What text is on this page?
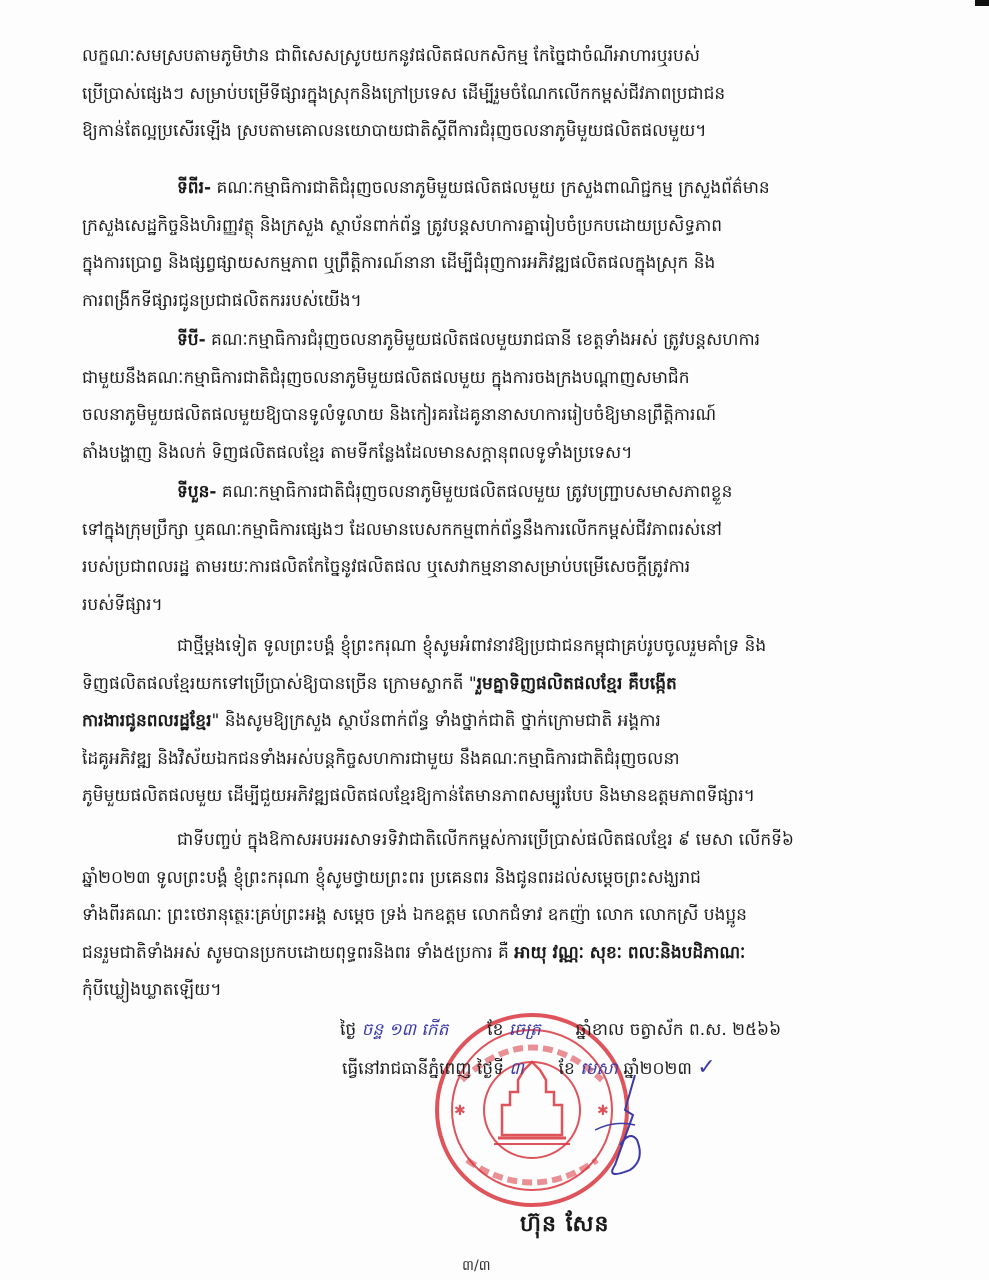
លក្ខណៈសមស្របតាមភូមិឋាន ជាពិសេសស្រូបយកនូវផលិតផលកសិកម្ម កែច្នៃជាចំណីអាហារឬរបស់
ប្រើប្រាស់ផ្សេងៗ សម្រាប់បម្រើទីផ្សារក្នុងស្រុកនិងក្រៅប្រទេស ដើម្បីរួមចំណែកលើកកម្ពស់ជីវភាពប្រជាជន
ឱ្យកាន់តែល្អប្រសើរឡើង ស្របតាមគោលនយោបាយជាតិស្តីពីការជំរុញចលនាភូមិមួយផលិតផលមួយ។

ទីពីរ- គណៈកម្មាធិការជាតិជំរុញចលនាភូមិមួយផលិតផលមួយ ក្រសួងពាណិជ្ជកម្ម ក្រសួងព័ត៌មាន
ក្រសួងសេដ្ឋកិច្ចនិងហិរញ្ញវត្ថុ និងក្រសួង ស្ថាប័នពាក់ព័ន្ធ ត្រូវបន្តសហការគ្នារៀបចំប្រកបដោយប្រសិទ្ធភាព
ក្នុងការប្រោព្វ និងផ្សព្វផ្សាយសកម្មភាព ឬព្រឹត្តិការណ៍នានា ដើម្បីជំរុញការអភិវឌ្ឍផលិតផលក្នុងស្រុក និង
ការពង្រីកទីផ្សារជូនប្រជាផលិតកររបស់យើង។

ទីបី- គណៈកម្មាធិការជំរុញចលនាភូមិមួយផលិតផលមួយរាជធានី ខេត្តទាំងអស់ ត្រូវបន្តសហការ
ជាមួយនឹងគណៈកម្មាធិការជាតិជំរុញចលនាភូមិមួយផលិតផលមួយ ក្នុងការចងក្រងបណ្តាញសមាជិក
ចលនាភូមិមួយផលិតផលមួយឱ្យបានទូលំទូលាយ និងកៀរគរដៃគូនានាសហការរៀបចំឱ្យមានព្រឹត្តិការណ៍
តាំងបង្ហាញ និងលក់ ទិញផលិតផលខ្មែរ តាមទីកន្លែងដែលមានសក្តានុពលទូទាំងប្រទេស។

ទីបួន- គណៈកម្មាធិការជាតិជំរុញចលនាភូមិមួយផលិតផលមួយ ត្រូវបញ្ជ្រាបសមាសភាពខ្លួន
ទៅក្នុងក្រុមប្រឹក្សា ឬគណៈកម្មាធិការផ្សេងៗ ដែលមានបេសកកម្មពាក់ព័ន្ធនឹងការលើកកម្ពស់ជីវភាពរស់នៅ
របស់ប្រជាពលរដ្ឋ តាមរយៈការផលិតកែច្នៃនូវផលិតផល ឬសេវាកម្មនានាសម្រាប់បម្រើសេចក្តីត្រូវការ
របស់ទីផ្សារ។

ជាថ្មីម្តងទៀត ទូលព្រះបង្គំ ខ្ញុំព្រះករុណា ខ្ញុំសូមអំពាវនាវឱ្យប្រជាជនកម្ពុជាគ្រប់រូបចូលរួមគាំទ្រ និង
ទិញផលិតផលខ្មែរយកទៅប្រើប្រាស់ឱ្យបានច្រើន ក្រោមស្លាកតី "រួមគ្នាទិញផលិតផលខ្មែរ គឺបង្កើត
ការងារជូនពលរដ្ឋខ្មែរ" និងសូមឱ្យក្រសួង ស្ថាប័នពាក់ព័ន្ធ ទាំងថ្នាក់ជាតិ ថ្នាក់ក្រោមជាតិ អង្គការ
ដៃគូអភិវឌ្ឍ និងវិស័យឯកជនទាំងអស់បន្តកិច្ចសហការជាមួយ នឹងគណៈកម្មាធិការជាតិជំរុញចលនា
ភូមិមួយផលិតផលមួយ ដើម្បីជួយអភិវឌ្ឍផលិតផលខ្មែរឱ្យកាន់តែមានភាពសម្បូរបែប និងមានឧត្តមភាពទីផ្សារ។

ជាទីបញ្ចប់ ក្នុងឱកាសអបអរសាទរទិវាជាតិលើកកម្ពស់ការប្រើប្រាស់ផលិតផលខ្មែរ ៩ មេសា លើកទី៦
ឆ្នាំ២០២៣ ទូលព្រះបង្គំ ខ្ញុំព្រះករុណា ខ្ញុំសូមថ្វាយព្រះពរ ប្រគេនពរ និងជូនពរដល់សម្តេចព្រះសង្ឃរាជ
ទាំងពីរគណៈ ព្រះថេរានុត្ថេរៈគ្រប់ព្រះអង្គ សម្តេច ទ្រង់ ឯកឧត្តម លោកជំទាវ ឧកញ៉ា លោក លោកស្រី បងប្អូន
ជនរួមជាតិទាំងអស់ សូមបានប្រកបដោយពុទ្ធពរនិងពរ ទាំង៥ប្រការ គឺ អាយុ វណ្ណៈ សុខៈ ពលៈនិងបដិភាណៈ
កុំបីឃ្លៀងឃ្លាតឡើយ។

✱	✱
ថ្ងៃ ចន្ទ ១៣ កើត ខែ ចេត្រ ឆ្នាំខាល ចត្វាស័ក ព.ស. ២៥៦៦
ធ្វើនៅរាជធានីភ្នំពេញ ថ្ងៃទី ៣ ខែ មេសា ឆ្នាំ២០២៣ ✓
ហ៊ុន សែន
៣/៣
